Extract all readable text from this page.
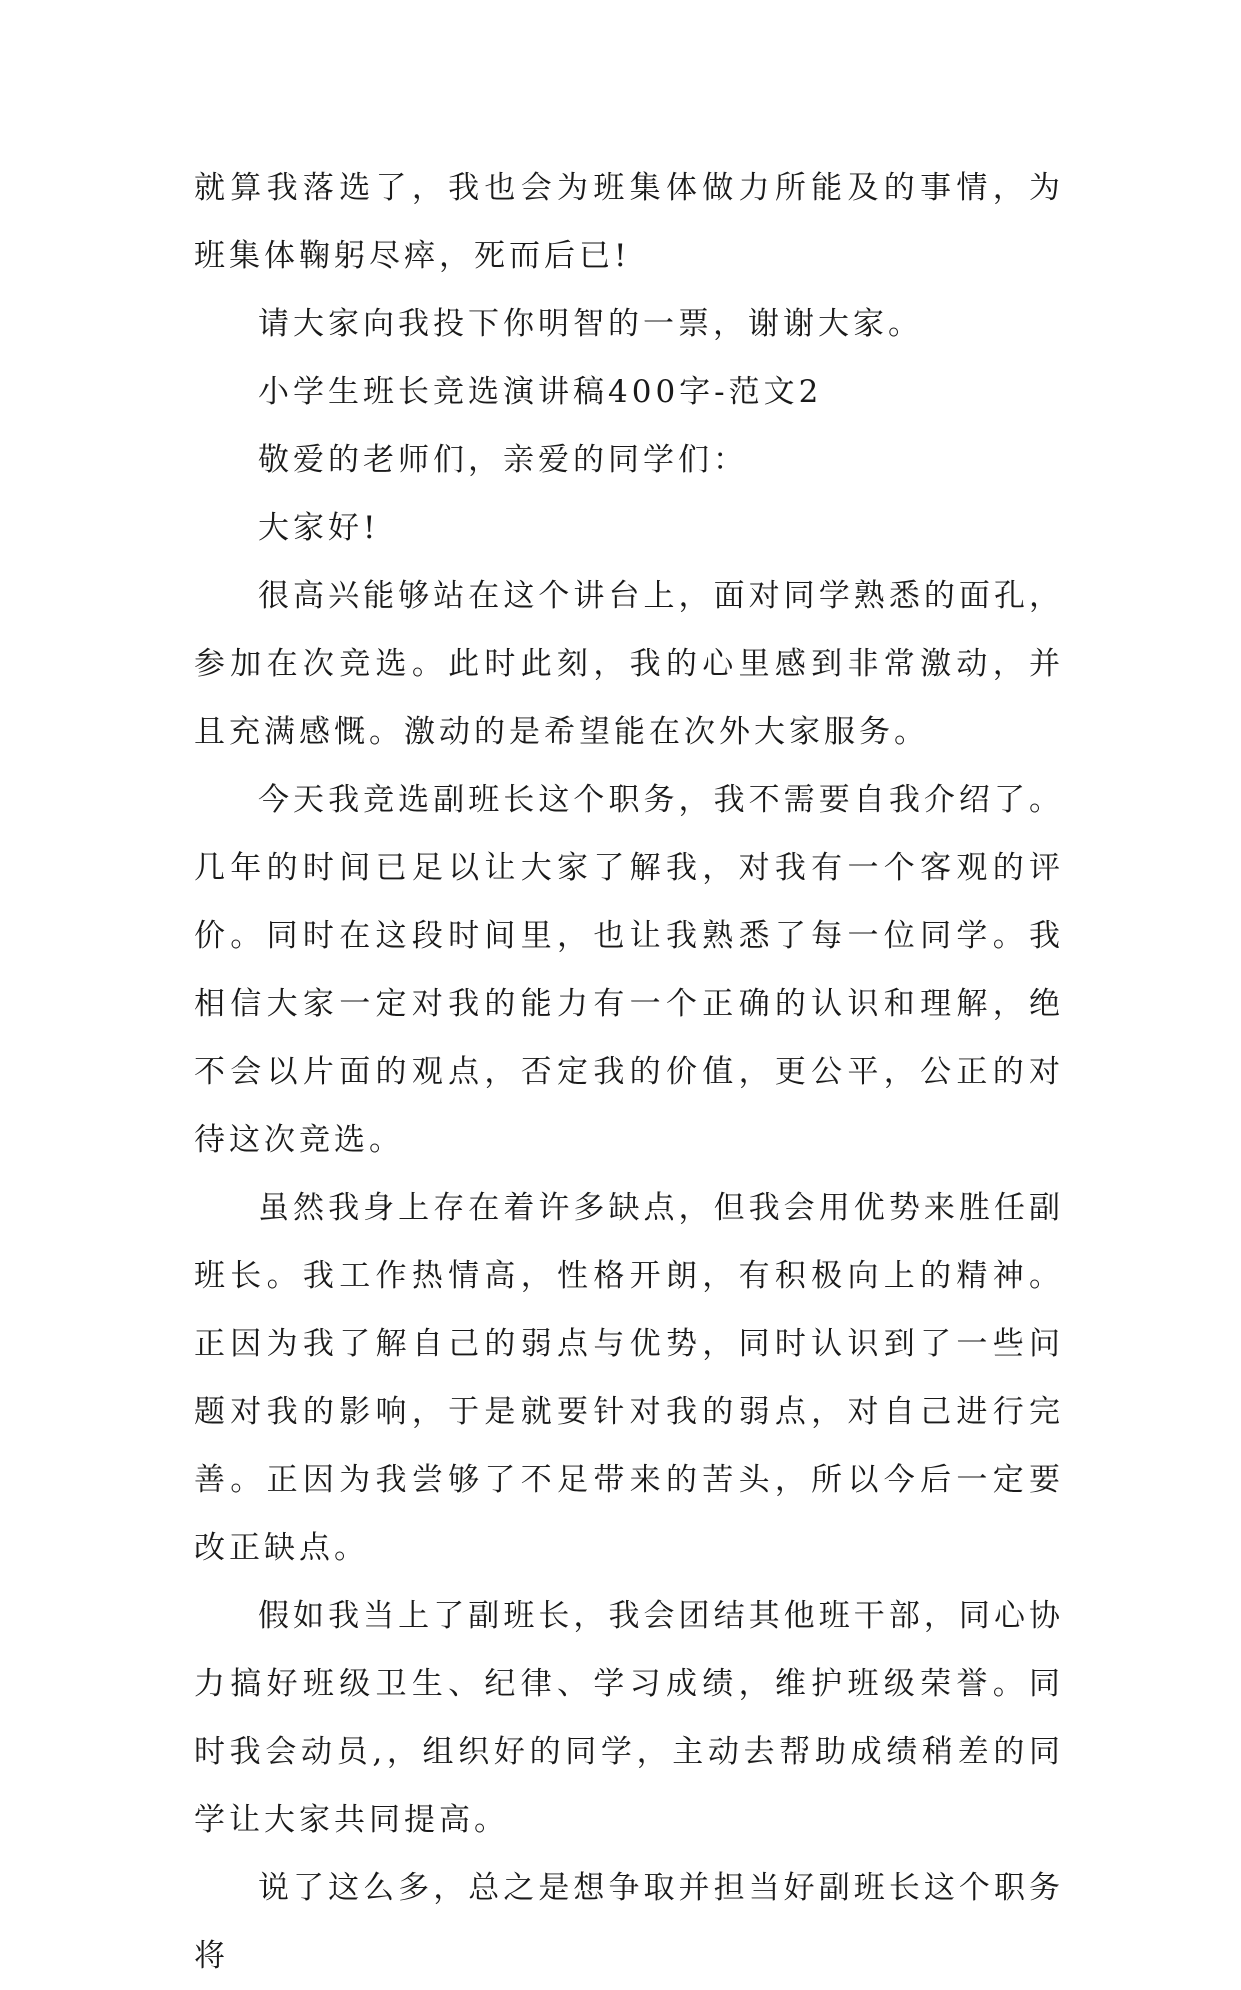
就算我落选了，我也会为班集体做力所能及的事情，为班集体鞠躬尽瘁，死而后已!

请大家向我投下你明智的一票，谢谢大家。

小学生班长竞选演讲稿400字-范文2

敬爱的老师们，亲爱的同学们：

大家好!

很高兴能够站在这个讲台上，面对同学熟悉的面孔，参加在次竞选。此时此刻，我的心里感到非常激动，并且充满感慨。激动的是希望能在次外大家服务。

今天我竞选副班长这个职务，我不需要自我介绍了。几年的时间已足以让大家了解我，对我有一个客观的评价。同时在这段时间里，也让我熟悉了每一位同学。我相信大家一定对我的能力有一个正确的认识和理解，绝不会以片面的观点，否定我的价值，更公平，公正的对待这次竞选。

虽然我身上存在着许多缺点，但我会用优势来胜任副班长。我工作热情高，性格开朗，有积极向上的精神。正因为我了解自己的弱点与优势，同时认识到了一些问题对我的影响，于是就要针对我的弱点，对自己进行完善。正因为我尝够了不足带来的苦头，所以今后一定要改正缺点。

假如我当上了副班长，我会团结其他班干部，同心协力搞好班级卫生、纪律、学习成绩，维护班级荣誉。同时我会动员,，组织好的同学，主动去帮助成绩稍差的同学让大家共同提高。

说了这么多，总之是想争取并担当好副班长这个职务将
